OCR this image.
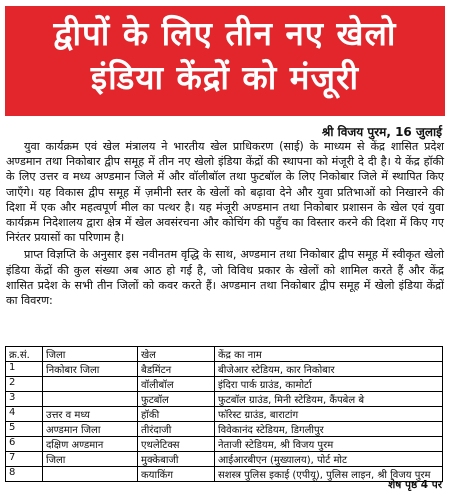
द्वीपों के लिए तीन नए खेलो
इंडिया केंद्रों को मंजूरी
श्री विजय पुरम, 16 जुलाई

युवा कार्यक्रम एवं खेल मंत्रालय ने भारतीय खेल प्राधिकरण (साई) के माध्यम से केंद्र शासित प्रदेश अण्डमान तथा निकोबार द्वीप समूह में तीन नए खेलो इंडिया केंद्रों की स्थापना को मंजूरी दे दी है। ये केंद्र हॉकी के लिए उत्तर व मध्य अण्डमान जिले में और वॉलीबॉल तथा फुटबॉल के लिए निकोबार जिले में स्थापित किए जाएँगे। यह विकास द्वीप समूह में ज़मीनी स्तर के खेलों को बढ़ावा देने और युवा प्रतिभाओं को निखारने की दिशा में एक और महत्वपूर्ण मील का पत्थर है। यह मंजूरी अण्डमान तथा निकोबार प्रशासन के खेल एवं युवा कार्यक्रम निदेशालय द्वारा क्षेत्र में खेल अवसंरचना और कोचिंग की पहुँच का विस्तार करने की दिशा में किए गए निरंतर प्रयासों का परिणाम है।

प्राप्त विज्ञप्ति के अनुसार इस नवीनतम वृद्धि के साथ, अण्डमान तथा निकोबार द्वीप समूह में स्वीकृत खेलो इंडिया केंद्रों की कुल संख्या अब आठ हो गई है, जो विविध प्रकार के खेलों को शामिल करते हैं और केंद्र शासित प्रदेश के सभी तीन जिलों को कवर करते हैं। अण्डमान तथा निकोबार द्वीप समूह में खेलो इंडिया केंद्रों का विवरण:

क्र.सं.	जिला	खेल	केंद्र का नाम
1	निकोबार जिला	बैडमिंटन	बीजेआर स्टेडियम, कार निकोबार
2		वॉलीबॉल	इंदिरा पार्क ग्राउंड, कामोर्टा
3		फुटबॉल	फुटबॉल ग्राउंड, मिनी स्टेडियम, कैंपबेल बे
4	उत्तर व मध्य	हॉकी	फॉरेस्ट ग्राउंड, बाराटांग
5	अण्डमान जिला	तीरंदाजी	विवेकानंद स्टेडियम, डिगलीपुर
6	दक्षिण अण्डमान	एथलेटिक्स	नेताजी स्टेडियम, श्री विजय पुरम
7	जिला	मुक्केबाजी	आईआरबीएन (मुख्यालय), पोर्ट मोट
8		कयाकिंग	सशस्त्र पुलिस इकाई (एपीयू), पुलिस लाइन, श्री विजय पुरम
शेष पृष्ठ 4 पर
